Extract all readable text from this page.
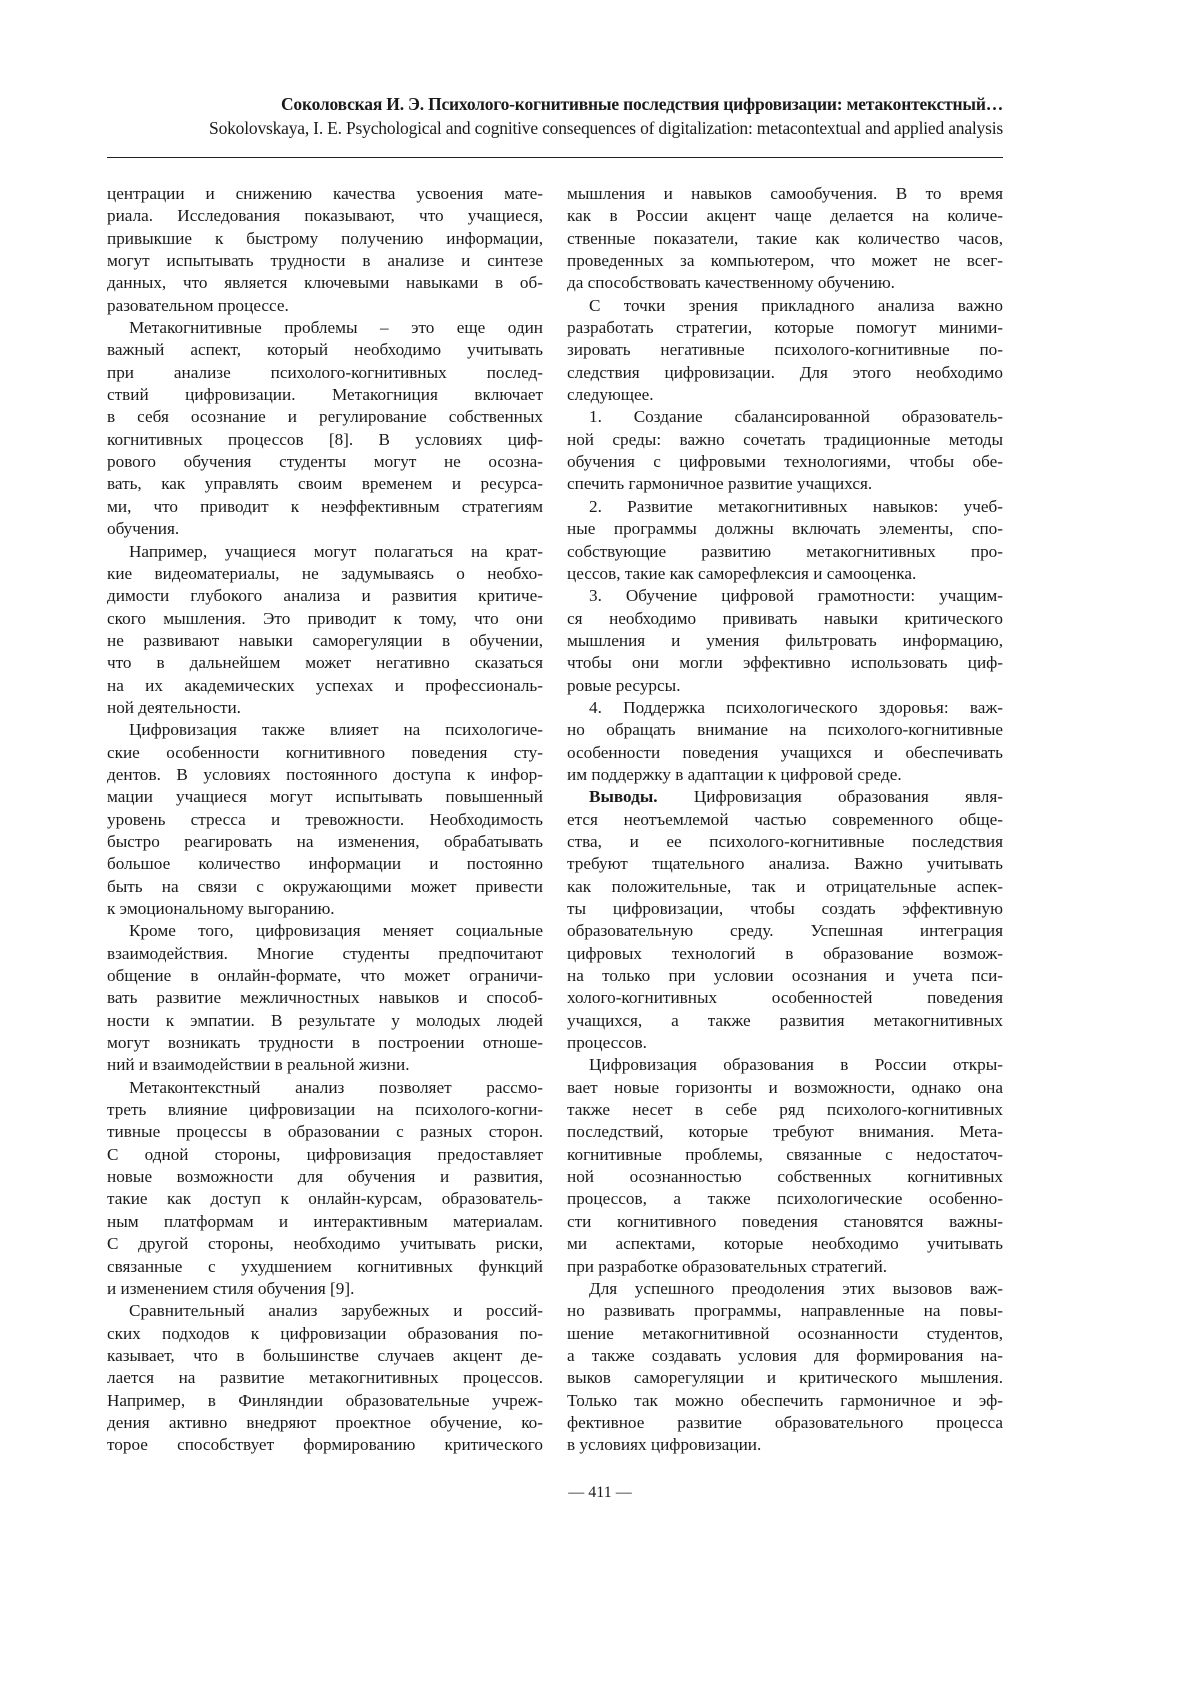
Соколовская И. Э. Психолого-когнитивные последствия цифровизации: метаконтекстный…
Sokolovskaya, I. E. Psychological and cognitive consequences of digitalization: metacontextual and applied analysis
центрации и снижению качества усвоения мате-
риала. Исследования показывают, что учащиеся,
привыкшие к быстрому получению информации,
могут испытывать трудности в анализе и синтезе
данных, что является ключевыми навыками в об-
разовательном процессе.
Метакогнитивные проблемы – это еще один
важный аспект, который необходимо учитывать
при анализе психолого-когнитивных послед-
ствий цифровизации. Метакогниция включает
в себя осознание и регулирование собственных
когнитивных процессов [8]. В условиях циф-
рового обучения студенты могут не осозна-
вать, как управлять своим временем и ресурса-
ми, что приводит к неэффективным стратегиям
обучения.
Например, учащиеся могут полагаться на крат-
кие видеоматериалы, не задумываясь о необхо-
димости глубокого анализа и развития критиче-
ского мышления. Это приводит к тому, что они
не развивают навыки саморегуляции в обучении,
что в дальнейшем может негативно сказаться
на их академических успехах и профессиональ-
ной деятельности.
Цифровизация также влияет на психологиче-
ские особенности когнитивного поведения сту-
дентов. В условиях постоянного доступа к инфор-
мации учащиеся могут испытывать повышенный
уровень стресса и тревожности. Необходимость
быстро реагировать на изменения, обрабатывать
большое количество информации и постоянно
быть на связи с окружающими может привести
к эмоциональному выгоранию.
Кроме того, цифровизация меняет социальные
взаимодействия. Многие студенты предпочитают
общение в онлайн-формате, что может ограничи-
вать развитие межличностных навыков и способ-
ности к эмпатии. В результате у молодых людей
могут возникать трудности в построении отноше-
ний и взаимодействии в реальной жизни.
Метаконтекстный анализ позволяет рассмо-
треть влияние цифровизации на психолого-когни-
тивные процессы в образовании с разных сторон.
С одной стороны, цифровизация предоставляет
новые возможности для обучения и развития,
такие как доступ к онлайн-курсам, образователь-
ным платформам и интерактивным материалам.
С другой стороны, необходимо учитывать риски,
связанные с ухудшением когнитивных функций
и изменением стиля обучения [9].
Сравнительный анализ зарубежных и россий-
ских подходов к цифровизации образования по-
казывает, что в большинстве случаев акцент де-
лается на развитие метакогнитивных процессов.
Например, в Финляндии образовательные учреж-
дения активно внедряют проектное обучение, ко-
торое способствует формированию критического
мышления и навыков самообучения. В то время
как в России акцент чаще делается на количе-
ственные показатели, такие как количество часов,
проведенных за компьютером, что может не всег-
да способствовать качественному обучению.
С точки зрения прикладного анализа важно
разработать стратегии, которые помогут миними-
зировать негативные психолого-когнитивные по-
следствия цифровизации. Для этого необходимо
следующее.
1. Создание сбалансированной образователь-
ной среды: важно сочетать традиционные методы
обучения с цифровыми технологиями, чтобы обе-
спечить гармоничное развитие учащихся.
2. Развитие метакогнитивных навыков: учеб-
ные программы должны включать элементы, спо-
собствующие развитию метакогнитивных про-
цессов, такие как саморефлексия и самооценка.
3. Обучение цифровой грамотности: учащим-
ся необходимо прививать навыки критического
мышления и умения фильтровать информацию,
чтобы они могли эффективно использовать циф-
ровые ресурсы.
4. Поддержка психологического здоровья: важ-
но обращать внимание на психолого-когнитивные
особенности поведения учащихся и обеспечивать
им поддержку в адаптации к цифровой среде.
Выводы. Цифровизация образования явля-
ется неотъемлемой частью современного обще-
ства, и ее психолого-когнитивные последствия
требуют тщательного анализа. Важно учитывать
как положительные, так и отрицательные аспек-
ты цифровизации, чтобы создать эффективную
образовательную среду. Успешная интеграция
цифровых технологий в образование возмож-
на только при условии осознания и учета пси-
холого-когнитивных особенностей поведения
учащихся, а также развития метакогнитивных
процессов.
Цифровизация образования в России откры-
вает новые горизонты и возможности, однако она
также несет в себе ряд психолого-когнитивных
последствий, которые требуют внимания. Мета-
когнитивные проблемы, связанные с недостаточ-
ной осознанностью собственных когнитивных
процессов, а также психологические особенно-
сти когнитивного поведения становятся важны-
ми аспектами, которые необходимо учитывать
при разработке образовательных стратегий.
Для успешного преодоления этих вызовов важ-
но развивать программы, направленные на повы-
шение метакогнитивной осознанности студентов,
а также создавать условия для формирования на-
выков саморегуляции и критического мышления.
Только так можно обеспечить гармоничное и эф-
фективное развитие образовательного процесса
в условиях цифровизации.
— 411 —
